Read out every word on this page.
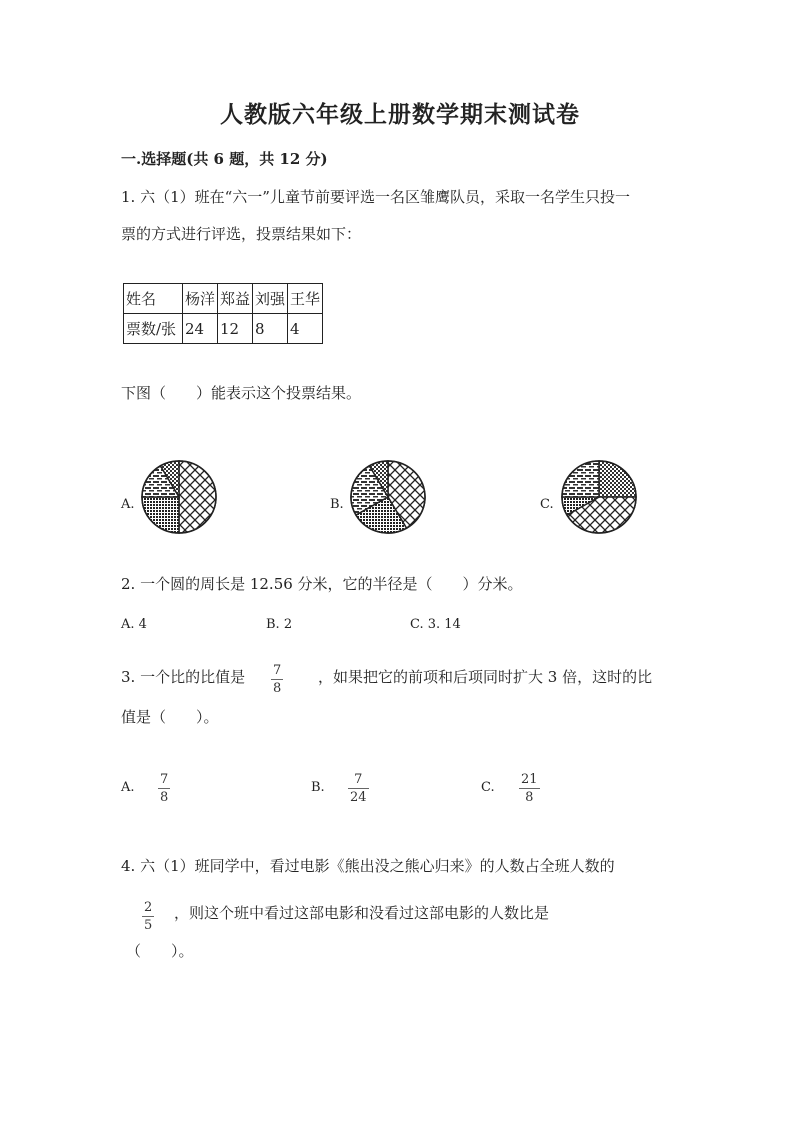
人教版六年级上册数学期末测试卷
一.选择题(共 6 题，共 12 分)
1. 六（1）班在“六一”儿童节前要评选一名区雏鹰队员，采取一名学生只投一
票的方式进行评选，投票结果如下：
姓名	杨洋	郑益	刘强	王华
票数/张	24	12	8	4
下图（　　）能表示这个投票结果。
A.	B.	C.
2. 一个圆的周长是 12.56 分米，它的半径是（　　）分米。
A. 4	B. 2	C. 3. 14
3. 一个比的比值是 7
8
，如果把它的前项和后项同时扩大 3 倍，这时的比
值是（　　）。
A.
7
8
B.
7
24
C.
21
8
4. 六（1）班同学中，看过电影《熊出没之熊心归来》的人数占全班人数的
2
5
，则这个班中看过这部电影和没看过这部电影的人数比是
（　　）。
